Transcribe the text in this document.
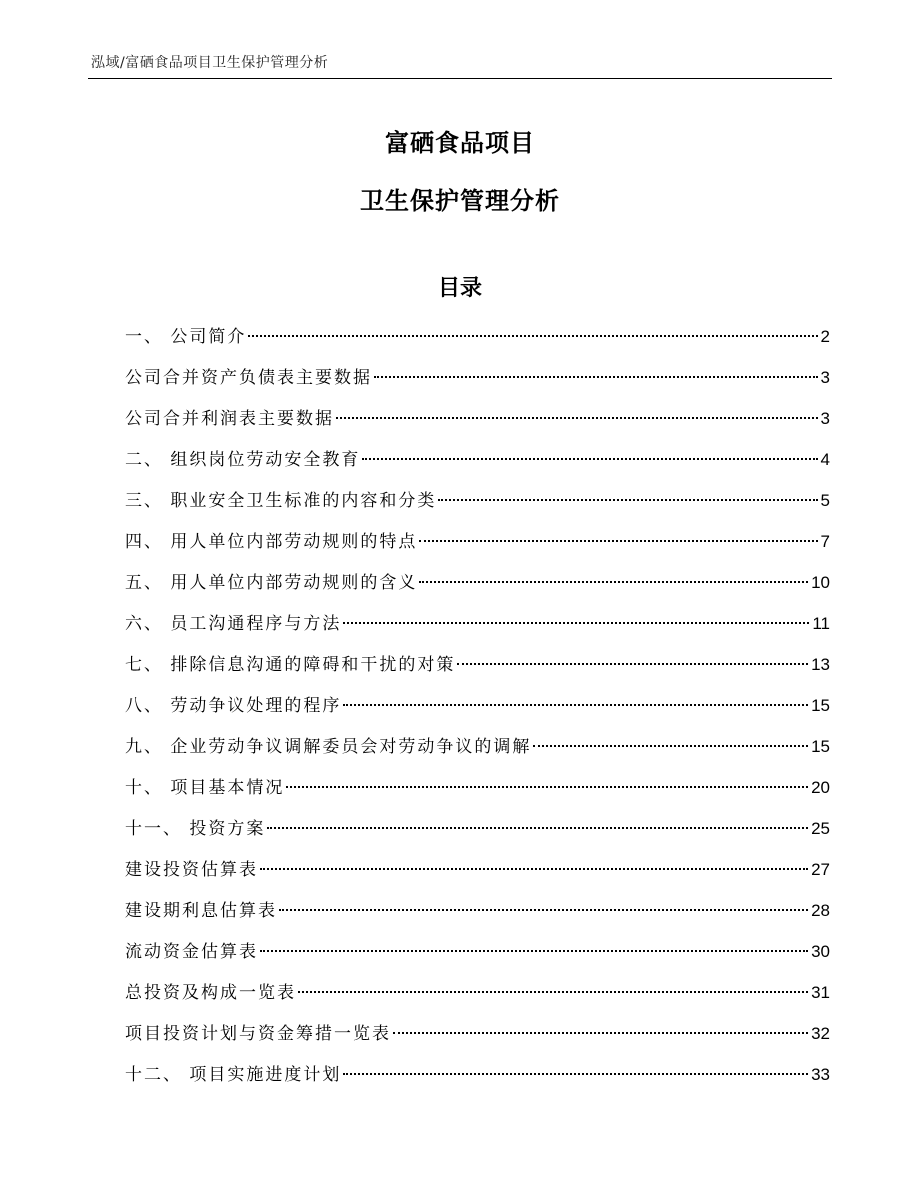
泓域/富硒食品项目卫生保护管理分析
富硒食品项目
卫生保护管理分析
目录
一、 公司简介	2
公司合并资产负债表主要数据	3
公司合并利润表主要数据	3
二、 组织岗位劳动安全教育	4
三、 职业安全卫生标准的内容和分类	5
四、 用人单位内部劳动规则的特点	7
五、 用人单位内部劳动规则的含义	10
六、 员工沟通程序与方法	11
七、 排除信息沟通的障碍和干扰的对策	13
八、 劳动争议处理的程序	15
九、 企业劳动争议调解委员会对劳动争议的调解	15
十、 项目基本情况	20
十一、 投资方案	25
建设投资估算表	27
建设期利息估算表	28
流动资金估算表	30
总投资及构成一览表	31
项目投资计划与资金筹措一览表	32
十二、 项目实施进度计划	33
